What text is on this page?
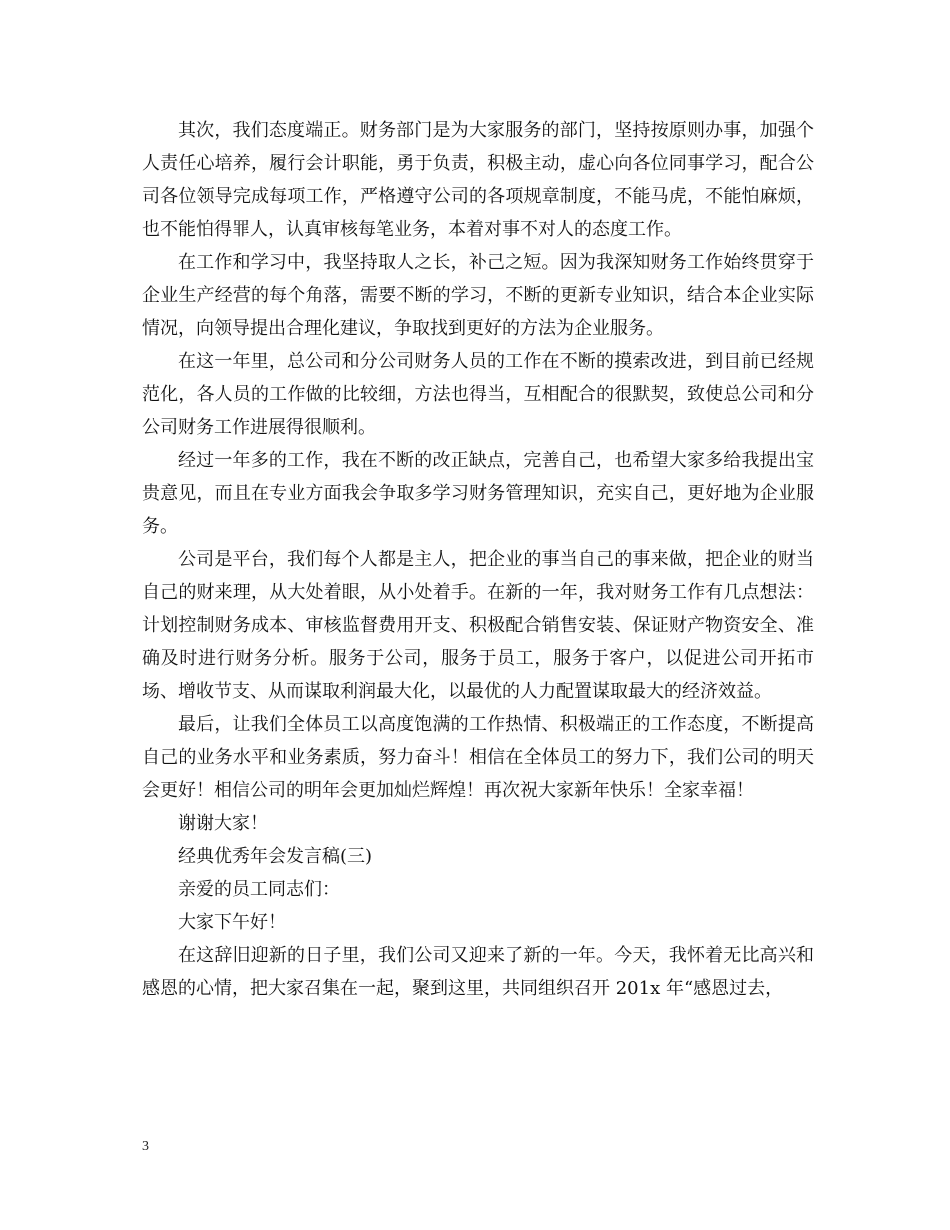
其次，我们态度端正。财务部门是为大家服务的部门，坚持按原则办事，加强个人责任心培养，履行会计职能，勇于负责，积极主动，虚心向各位同事学习，配合公司各位领导完成每项工作，严格遵守公司的各项规章制度，不能马虎，不能怕麻烦，也不能怕得罪人，认真审核每笔业务，本着对事不对人的态度工作。

在工作和学习中，我坚持取人之长，补己之短。因为我深知财务工作始终贯穿于企业生产经营的每个角落，需要不断的学习，不断的更新专业知识，结合本企业实际情况，向领导提出合理化建议，争取找到更好的方法为企业服务。

在这一年里，总公司和分公司财务人员的工作在不断的摸索改进，到目前已经规范化，各人员的工作做的比较细，方法也得当，互相配合的很默契，致使总公司和分公司财务工作进展得很顺利。

经过一年多的工作，我在不断的改正缺点，完善自己，也希望大家多给我提出宝贵意见，而且在专业方面我会争取多学习财务管理知识，充实自己，更好地为企业服务。

公司是平台，我们每个人都是主人，把企业的事当自己的事来做，把企业的财当自己的财来理，从大处着眼，从小处着手。在新的一年，我对财务工作有几点想法：计划控制财务成本、审核监督费用开支、积极配合销售安装、保证财产物资安全、准确及时进行财务分析。服务于公司，服务于员工，服务于客户，以促进公司开拓市场、增收节支、从而谋取利润最大化，以最优的人力配置谋取最大的经济效益。

最后，让我们全体员工以高度饱满的工作热情、积极端正的工作态度，不断提高自己的业务水平和业务素质，努力奋斗！相信在全体员工的努力下，我们公司的明天会更好！相信公司的明年会更加灿烂辉煌！再次祝大家新年快乐！全家幸福！

谢谢大家！

经典优秀年会发言稿(三)

亲爱的员工同志们：

大家下午好！

在这辞旧迎新的日子里，我们公司又迎来了新的一年。今天，我怀着无比高兴和感恩的心情，把大家召集在一起，聚到这里，共同组织召开 201x 年“感恩过去，

3
